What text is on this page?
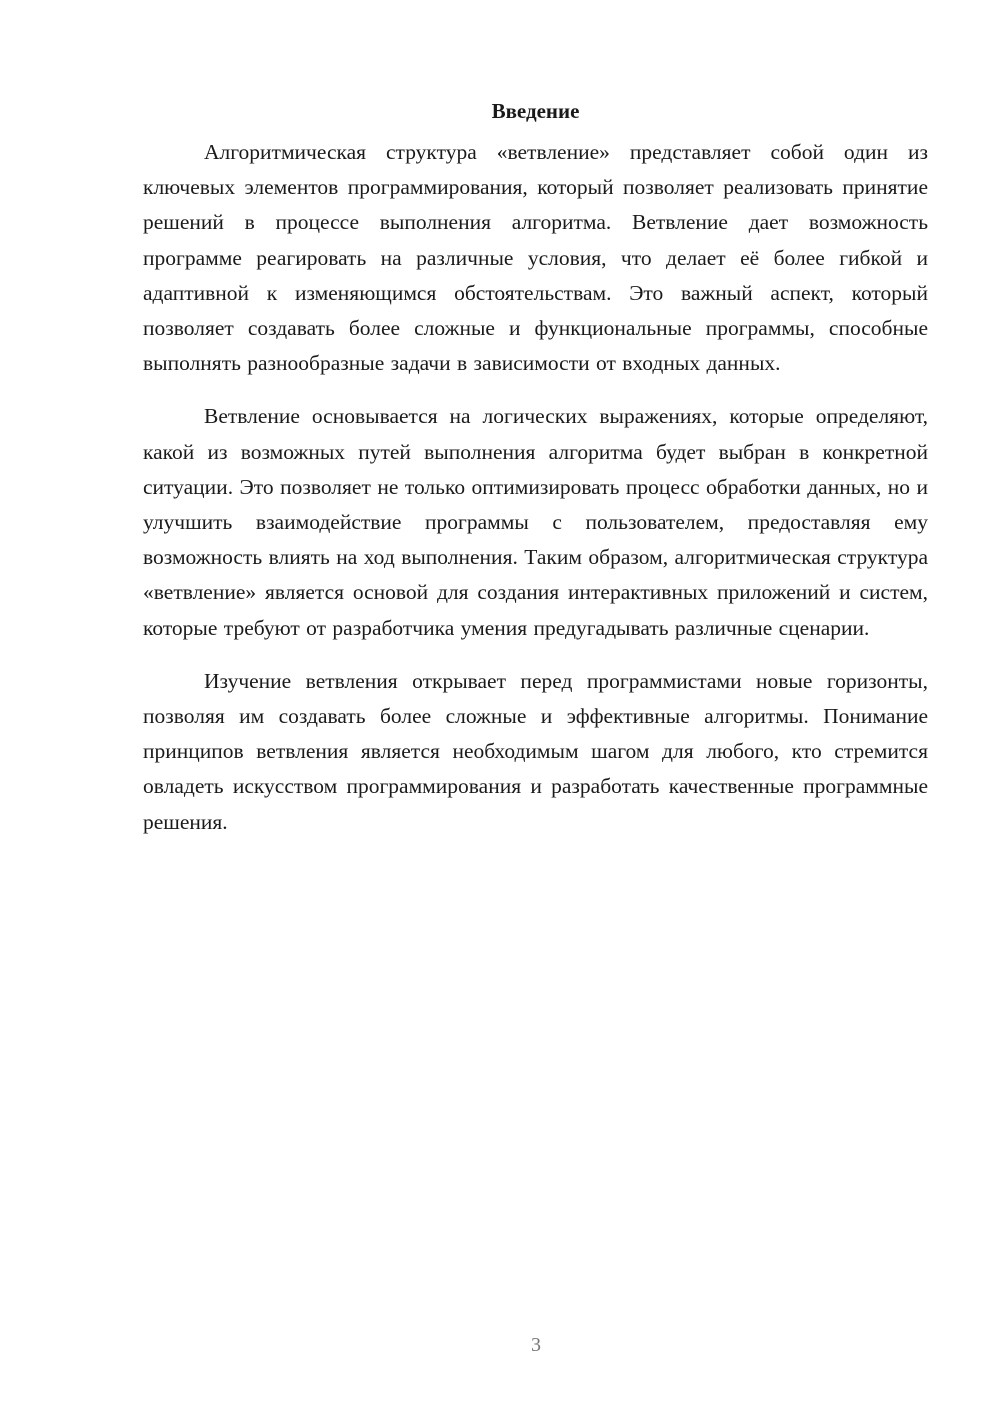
Введение

Алгоритмическая структура «ветвление» представляет собой один из ключевых элементов программирования, который позволяет реализовать принятие решений в процессе выполнения алгоритма. Ветвление дает возможность программе реагировать на различные условия, что делает её более гибкой и адаптивной к изменяющимся обстоятельствам. Это важный аспект, который позволяет создавать более сложные и функциональные программы, способные выполнять разнообразные задачи в зависимости от входных данных.

Ветвление основывается на логических выражениях, которые определяют, какой из возможных путей выполнения алгоритма будет выбран в конкретной ситуации. Это позволяет не только оптимизировать процесс обработки данных, но и улучшить взаимодействие программы с пользователем, предоставляя ему возможность влиять на ход выполнения. Таким образом, алгоритмическая структура «ветвление» является основой для создания интерактивных приложений и систем, которые требуют от разработчика умения предугадывать различные сценарии.

Изучение ветвления открывает перед программистами новые горизонты, позволяя им создавать более сложные и эффективные алгоритмы. Понимание принципов ветвления является необходимым шагом для любого, кто стремится овладеть искусством программирования и разработать качественные программные решения.

3
